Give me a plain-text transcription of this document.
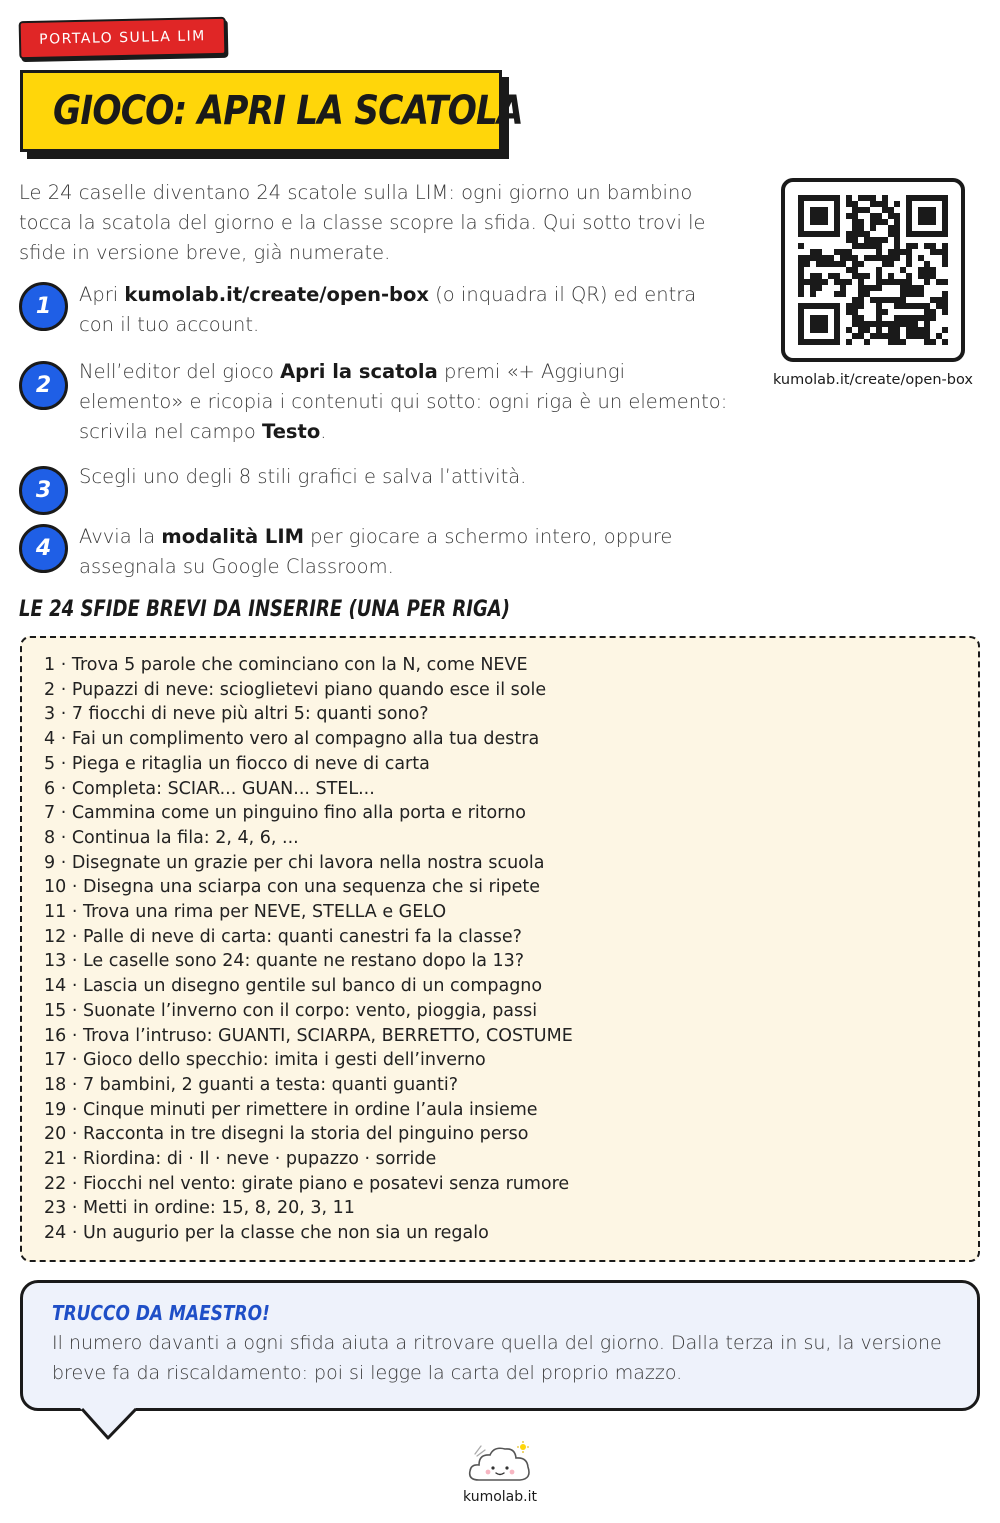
PORTALO SULLA LIM
GIOCO: APRI LA SCATOLA

Le 24 caselle diventano 24 scatole sulla LIM: ogni giorno un bambino tocca la scatola del giorno e la classe scopre la sfida. Qui sotto trovi le sfide in versione breve, già numerate.

kumolab.it/create/open-box
1	Apri kumolab.it/create/open-box (o inquadra il QR) ed entra con il tuo account.

2

Nell’editor del gioco Apri la scatola premi «+ Aggiungi elemento» e ricopia i contenuti qui sotto: ogni riga è un elemento: scrivila nel campo Testo.

3

Scegli uno degli 8 stili grafici e salva l’attività.

4	Avvia la modalità LIM per giocare a schermo intero, oppure assegnala su Google Classroom.

LE 24 SFIDE BREVI DA INSERIRE (UNA PER RIGA)
1 · Trova 5 parole che cominciano con la N, come NEVE
2 · Pupazzi di neve: scioglietevi piano quando esce il sole
3 · 7 fiocchi di neve più altri 5: quanti sono?
4 · Fai un complimento vero al compagno alla tua destra
5 · Piega e ritaglia un fiocco di neve di carta
6 · Completa: SCIAR... GUAN... STEL...
7 · Cammina come un pinguino fino alla porta e ritorno
8 · Continua la fila: 2, 4, 6, ...
9 · Disegnate un grazie per chi lavora nella nostra scuola
10 · Disegna una sciarpa con una sequenza che si ripete
11 · Trova una rima per NEVE, STELLA e GELO
12 · Palle di neve di carta: quanti canestri fa la classe?
13 · Le caselle sono 24: quante ne restano dopo la 13?
14 · Lascia un disegno gentile sul banco di un compagno
15 · Suonate l’inverno con il corpo: vento, pioggia, passi
16 · Trova l’intruso: GUANTI, SCIARPA, BERRETTO, COSTUME
17 · Gioco dello specchio: imita i gesti dell’inverno
18 · 7 bambini, 2 guanti a testa: quanti guanti?
19 · Cinque minuti per rimettere in ordine l’aula insieme
20 · Racconta in tre disegni la storia del pinguino perso
21 · Riordina: di · Il · neve · pupazzo · sorride
22 · Fiocchi nel vento: girate piano e posatevi senza rumore
23 · Metti in ordine: 15, 8, 20, 3, 11
24 · Un augurio per la classe che non sia un regalo
TRUCCO DA MAESTRO!

Il numero davanti a ogni sfida aiuta a ritrovare quella del giorno. Dalla terza in su, la versione breve fa da riscaldamento: poi si legge la carta del proprio mazzo.

kumolab.it
